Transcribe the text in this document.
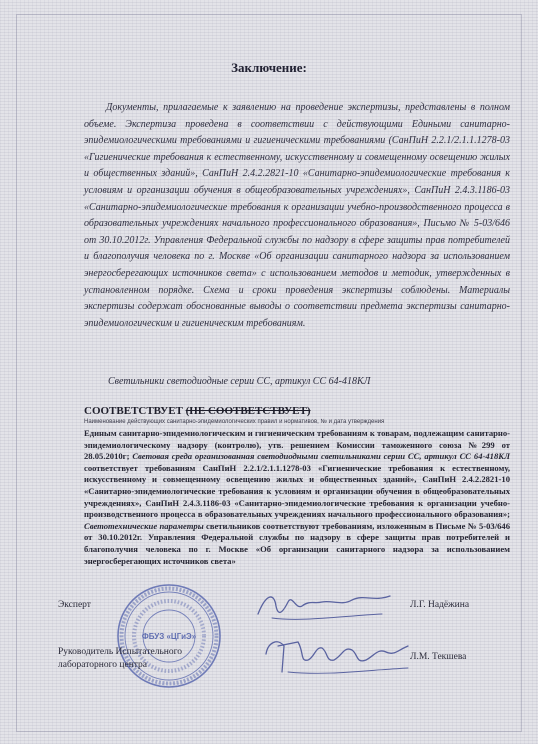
Заключение:
Документы, прилагаемые к заявлению на проведение экспертизы, представлены в полном объеме. Экспертиза проведена в соответствии с действующими Едиными санитарно-эпидемиологическими требованиями и гигиеническими требованиями (СанПиН 2.2.1/2.1.1.1278-03 «Гигиенические требования к естественному, искусственному и совмещенному освещению жилых и общественных зданий», СанПиН 2.4.2.2821-10 «Санитарно-эпидемиологические требования к условиям и организации обучения в общеобразовательных учреждениях», СанПиН 2.4.3.1186-03 «Санитарно-эпидемиологические требования к организации учебно-производственного процесса в образовательных учреждениях начального профессионального образования», Письмо № 5-03/646 от 30.10.2012г. Управления Федеральной службы по надзору в сфере защиты прав потребителей и благополучия человека по г. Москве «Об организации санитарного надзора за использованием энергосберегающих источников света» с использованием методов и методик, утвержденных в установленном порядке. Схема и сроки проведения экспертизы соблюдены. Материалы экспертизы содержат обоснованные выводы о соответствии предмета экспертизы санитарно- эпидемиологическим и гигиеническим требованиям.
Светильники светодиодные серии СС, артикул СС 64-418КЛ
СООТВЕТСТВУЕТ (НЕ СООТВЕТСТВУЕТ)
Наименование действующих санитарно-эпидемиологических правил и нормативов, № и дата утверждения
Единым санитарно-эпидемиологическим и гигиеническим требованиям к товарам, подлежащим санитарно-эпидемиологическому надзору (контролю), утв. решением Комиссии таможенного союза №299 от 28.05.2010г; Световая среда организованная светодиодными светильниками серии СС, артикул СС 64-418КЛ соответствует требованиям СанПиН 2.2.1/2.1.1.1278-03 «Гигиенические требования к естественному, искусственному и совмещенному освещению жилых и общественных зданий», СанПиН 2.4.2.2821-10 «Санитарно-эпидемиологические требования к условиям и организации обучения в общеобразовательных учреждениях», СанПиН 2.4.3.1186-03 «Санитарно-эпидемиологические требования к организации учебно-производственного процесса в образовательных учреждениях начального профессионального образования»; Светотехнические параметры светильников соответствуют требованиям, изложенным в Письме № 5-03/646 от 30.10.2012г. Управления Федеральной службы по надзору в сфере защиты прав потребителей и благополучия человека по г. Москве «Об организации санитарного надзора за использованием энергосберегающих источников света»
ФБУЗ «ЦГиЭ»
Эксперт	Л.Г. Надёжина
Руководитель Испытательного лабораторного центра
Л.М. Текшева
